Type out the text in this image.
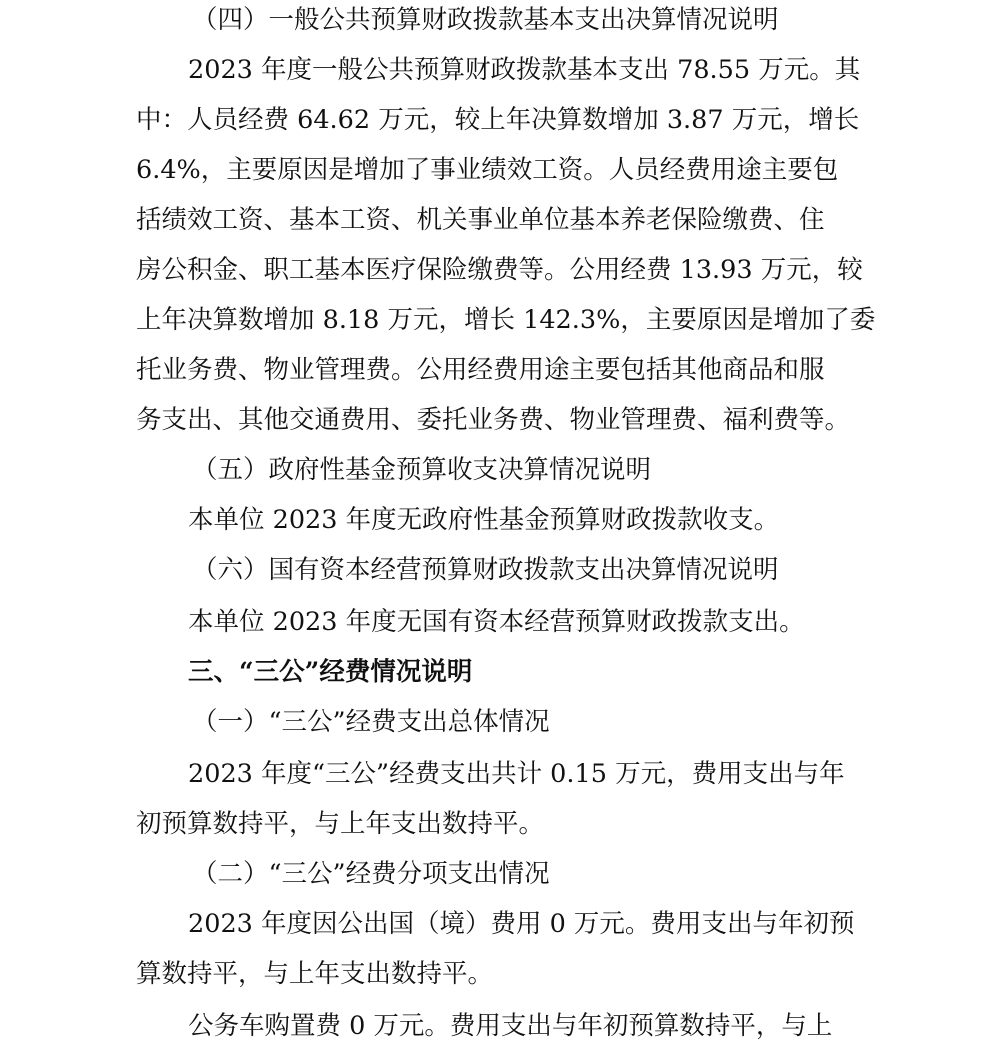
（四）一般公共预算财政拨款基本支出决算情况说明
2023 年度一般公共预算财政拨款基本支出 78.55 万元。其
中：人员经费 64.62 万元，较上年决算数增加 3.87 万元，增长
6.4%，主要原因是增加了事业绩效工资。人员经费用途主要包
括绩效工资、基本工资、机关事业单位基本养老保险缴费、住
房公积金、职工基本医疗保险缴费等。公用经费 13.93 万元，较
上年决算数增加 8.18 万元，增长 142.3%，主要原因是增加了委
托业务费、物业管理费。公用经费用途主要包括其他商品和服
务支出、其他交通费用、委托业务费、物业管理费、福利费等。
（五）政府性基金预算收支决算情况说明
本单位 2023 年度无政府性基金预算财政拨款收支。
（六）国有资本经营预算财政拨款支出决算情况说明
本单位 2023 年度无国有资本经营预算财政拨款支出。
三、“三公”经费情况说明
（一）“三公”经费支出总体情况
2023 年度“三公”经费支出共计 0.15 万元，费用支出与年
初预算数持平，与上年支出数持平。
（二）“三公”经费分项支出情况
2023 年度因公出国（境）费用 0 万元。费用支出与年初预
算数持平，与上年支出数持平。
公务车购置费 0 万元。费用支出与年初预算数持平，与上
